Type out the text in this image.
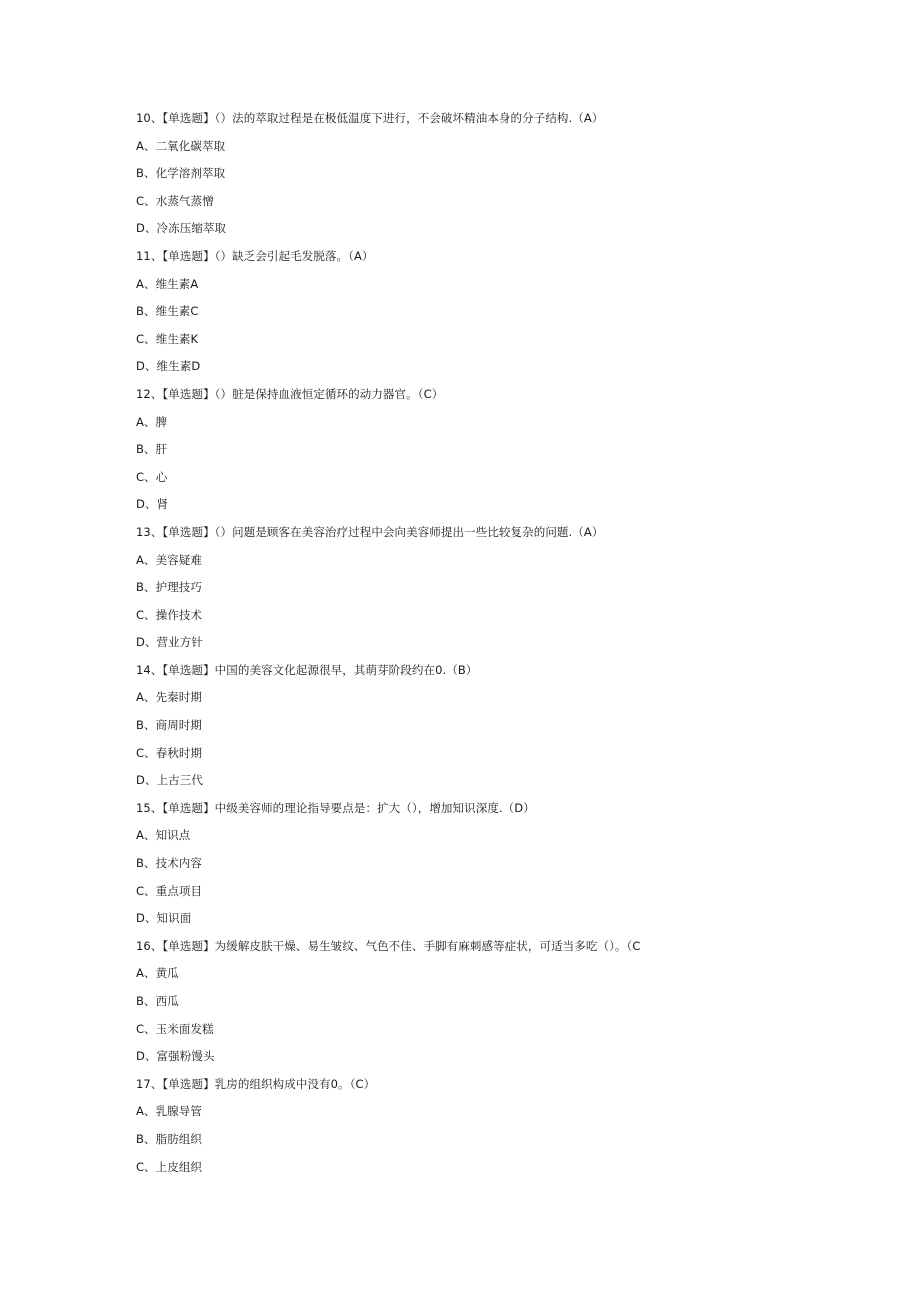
10、【单选题】（）法的萃取过程是在极低温度下进行，不会破坏精油本身的分子结构.（A）
A、二氧化碳萃取
B、化学溶剂萃取
C、水蒸气蒸憎
D、冷冻压缩萃取
11、【单选题】（）缺乏会引起毛发脱落。（A）
A、维生素A
B、维生素C
C、维生素K
D、维生素D
12、【单选题】（）脏是保持血液恒定循环的动力器官。（C）
A、脾
B、肝
C、心
D、肾
13、【单选题】（）问题是顾客在美容治疗过程中会向美容师提出一些比较复杂的问题.（A）
A、美容疑难
B、护理技巧
C、操作技术
D、营业方针
14、【单选题】中国的美容文化起源很早，其萌芽阶段约在0.（B）
A、先秦时期
B、商周时期
C、春秋时期
D、上古三代
15、【单选题】中级美容师的理论指导要点是：扩大（），增加知识深度.（D）
A、知识点
B、技术内容
C、重点项目
D、知识面
16、【单选题】为缓解皮肤干燥、易生皱纹、气色不佳、手脚有麻刺感等症状，可适当多吃（）。（C
A、黄瓜
B、西瓜
C、玉米面发糕
D、富强粉馒头
17、【单选题】乳房的组织构成中没有0。（C）
A、乳腺导管
B、脂肪组织
C、上皮组织
